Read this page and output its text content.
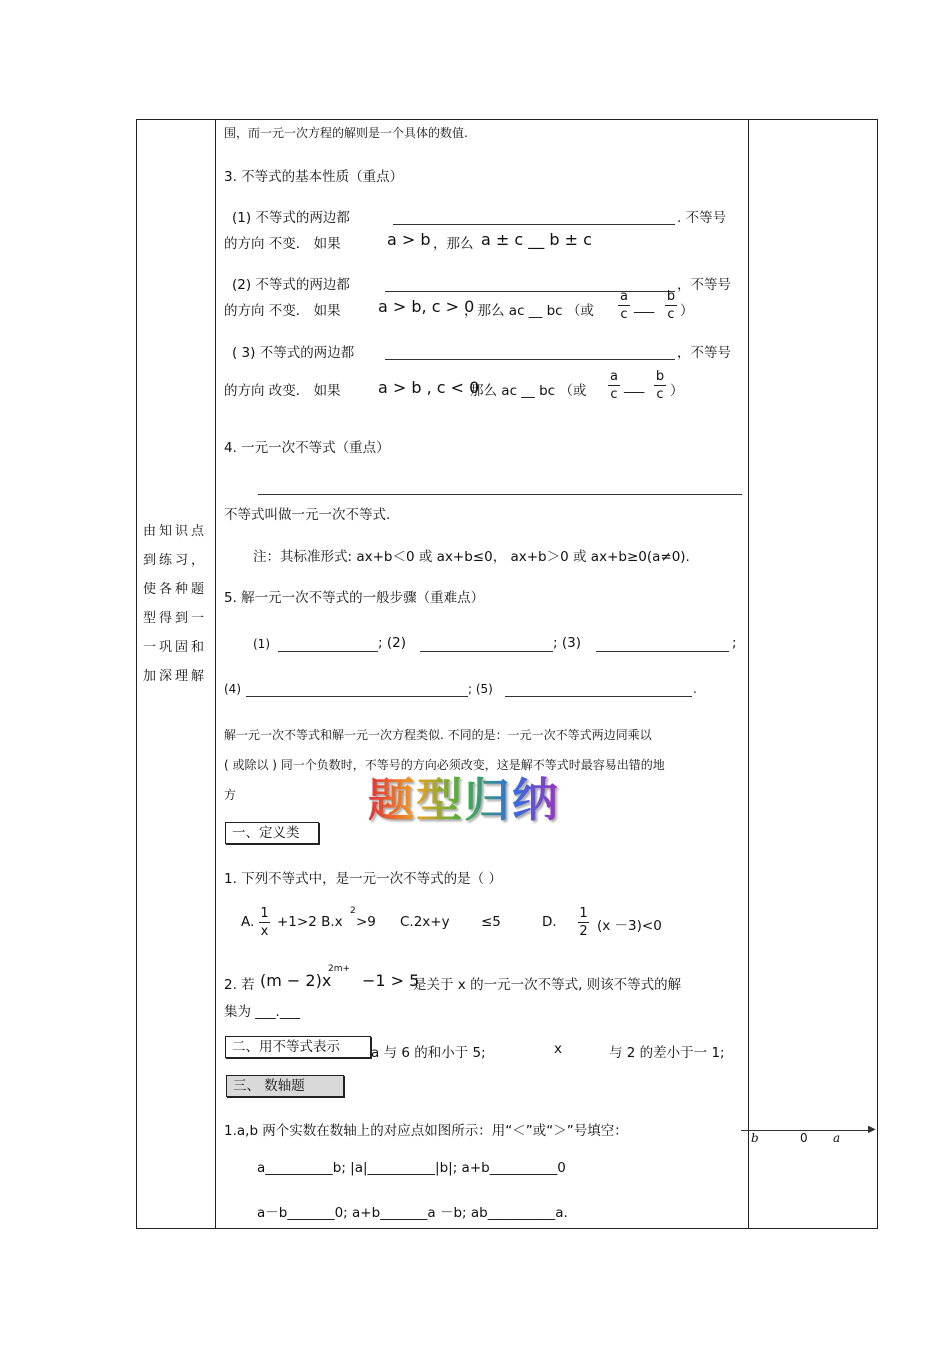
由知识点到练习，使各种题型得到一一巩固和加深理解
围，而一元一次方程的解则是一个具体的数值.
3. 不等式的基本性质（重点）
(1) 不等式的两边都	. 不等号
的方向 不变． 如果	a > b ，那么 a ± c __ b ± c
(2) 不等式的两边都	，不等号
的方向 不变． 如果 a > b, c > 0
，那么 ac __ bc （或
a
c
___
b
c ）
( 3) 不等式的两边都	，不等号
的方向 改变． 如果 a > b , c < 0
那么 ac __ bc （或
a
c
___
b
c ）
4. 一元一次不等式（重点）
不等式叫做一元一次不等式.
注：其标准形式: ax+b＜0 或 ax+b≤0， ax+b＞0 或 ax+b≥0(a≠0).
5. 解一元一次不等式的一般步骤（重难点）
(1)	; (2)	; (3)	;
(4)	; (5)	.
解一元一次不等式和解一元一次方程类似. 不同的是：一元一次不等式两边同乘以
( 或除以 ) 同一个负数时，不等号的方向必须改变，这是解不等式时最容易出错的地
方	题型归纳
一、定义类
1. 下列不等式中，是一元一次不等式的是（ ）
A.
1
x
+1>2 B.x
2
>9 C.2x+y ≤5	D.
1
2 (x －3)<0
2. 若 (m − 2)x
2m+
−1 > 5
是关于 x 的一元一次不等式, 则该不等式的解
集为 ___.___
二、用不等式表示	a 与 6 的和小于 5;	x	与 2 的差小于一 1;
三、 数轴题
1.a,b 两个实数在数轴上的对应点如图所示：用“＜”或“＞”号填空：
a__________b; |a|__________|b|; a+b__________0
a－b_______0; a+b_______a －b; ab__________a.
▶
b	0 a
